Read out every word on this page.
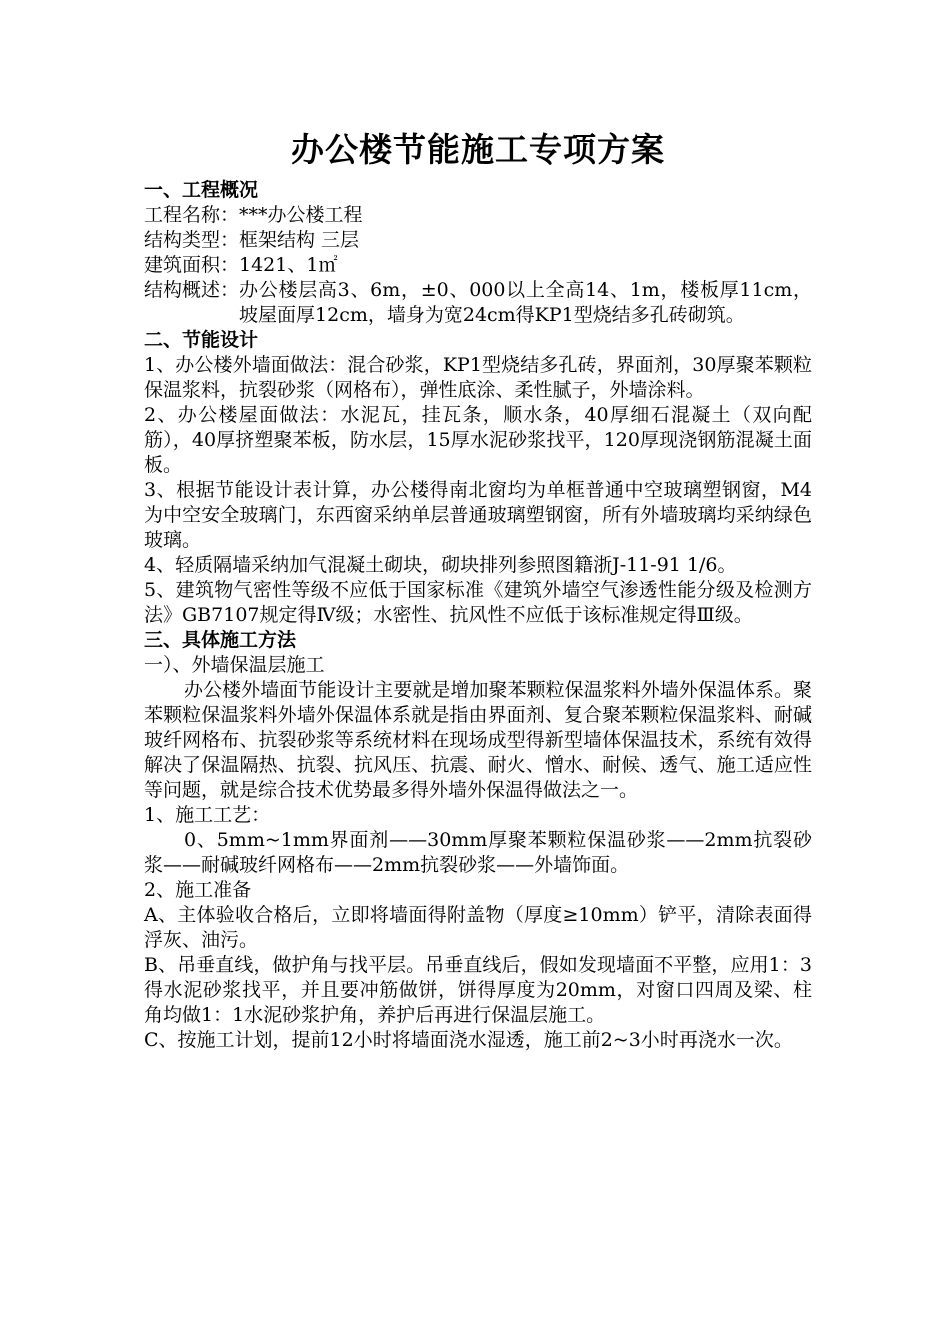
办公楼节能施工专项方案

一、工程概况

工程名称：***办公楼工程

结构类型：框架结构 三层

建筑面积：1421、1㎡

结构概述： 办公楼层高3、6m，±0、000以上全高14、1m，楼板厚11cm，坡屋面厚12cm，墙身为宽24cm得KP1型烧结多孔砖砌筑。

二、节能设计

1、办公楼外墙面做法：混合砂浆，KP1型烧结多孔砖，界面剂，30厚聚苯颗粒保温浆料，抗裂砂浆（网格布），弹性底涂、柔性腻子，外墙涂料。

2、办公楼屋面做法：水泥瓦，挂瓦条，顺水条，40厚细石混凝土（双向配筋），40厚挤塑聚苯板，防水层，15厚水泥砂浆找平，120厚现浇钢筋混凝土面板。

3、根据节能设计表计算，办公楼得南北窗均为单框普通中空玻璃塑钢窗，M4为中空安全玻璃门，东西窗采纳单层普通玻璃塑钢窗，所有外墙玻璃均采纳绿色玻璃。

4、轻质隔墙采纳加气混凝土砌块，砌块排列参照图籍浙J-11-91 1/6。

5、建筑物气密性等级不应低于国家标准《建筑外墙空气渗透性能分级及检测方法》GB7107规定得Ⅳ级；水密性、抗风性不应低于该标准规定得Ⅲ级。

三、具体施工方法

一）、外墙保温层施工

办公楼外墙面节能设计主要就是增加聚苯颗粒保温浆料外墙外保温体系。聚苯颗粒保温浆料外墙外保温体系就是指由界面剂、复合聚苯颗粒保温浆料、耐碱玻纤网格布、抗裂砂浆等系统材料在现场成型得新型墙体保温技术，系统有效得解决了保温隔热、抗裂、抗风压、抗震、耐火、憎水、耐候、透气、施工适应性等问题，就是综合技术优势最多得外墙外保温得做法之一。

1、施工工艺：

0、5mm~1mm界面剂——30mm厚聚苯颗粒保温砂浆——2mm抗裂砂浆——耐碱玻纤网格布——2mm抗裂砂浆——外墙饰面。

2、施工准备

A、主体验收合格后，立即将墙面得附盖物（厚度≥10mm）铲平，清除表面得浮灰、油污。

B、吊垂直线，做护角与找平层。吊垂直线后，假如发现墙面不平整，应用1：3得水泥砂浆找平，并且要冲筋做饼，饼得厚度为20mm，对窗口四周及梁、柱角均做1：1水泥砂浆护角，养护后再进行保温层施工。

C、按施工计划，提前12小时将墙面浇水湿透，施工前2~3小时再浇水一次。
